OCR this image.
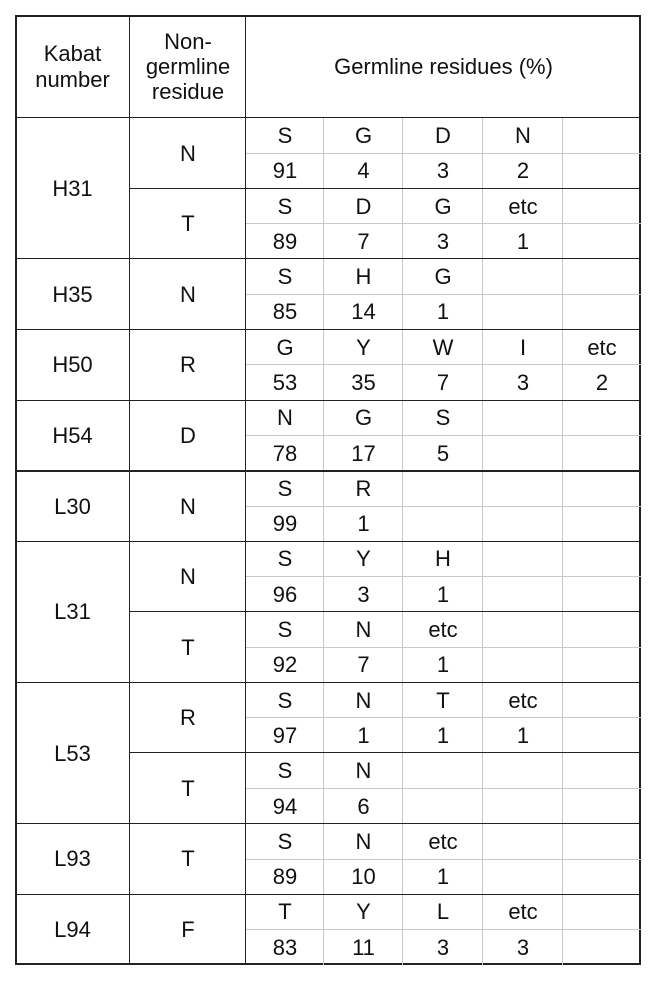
Kabat number
Non-
germline
residue
Germline residues (%)
N
S
91
G
4
D
3
N
2
T
S
89
D
7
G
3
etc
1
H31
N
S
85
H
14
G
1
H35
R
G
53
Y
35
W
7
I
3
etc
2
H50
D
N
78
G
17
S
5
H54
N
S
99
R
1
L30
N
S
96
Y
3
H
1
T
S
92
N
7
etc
1
L31
R
S
97
N
1
T
1
etc
1
T
S
94
N
6
L53
T
S
89
N
10
etc
1
L93
F
T
83
Y
11
L
3
etc
3
L94
